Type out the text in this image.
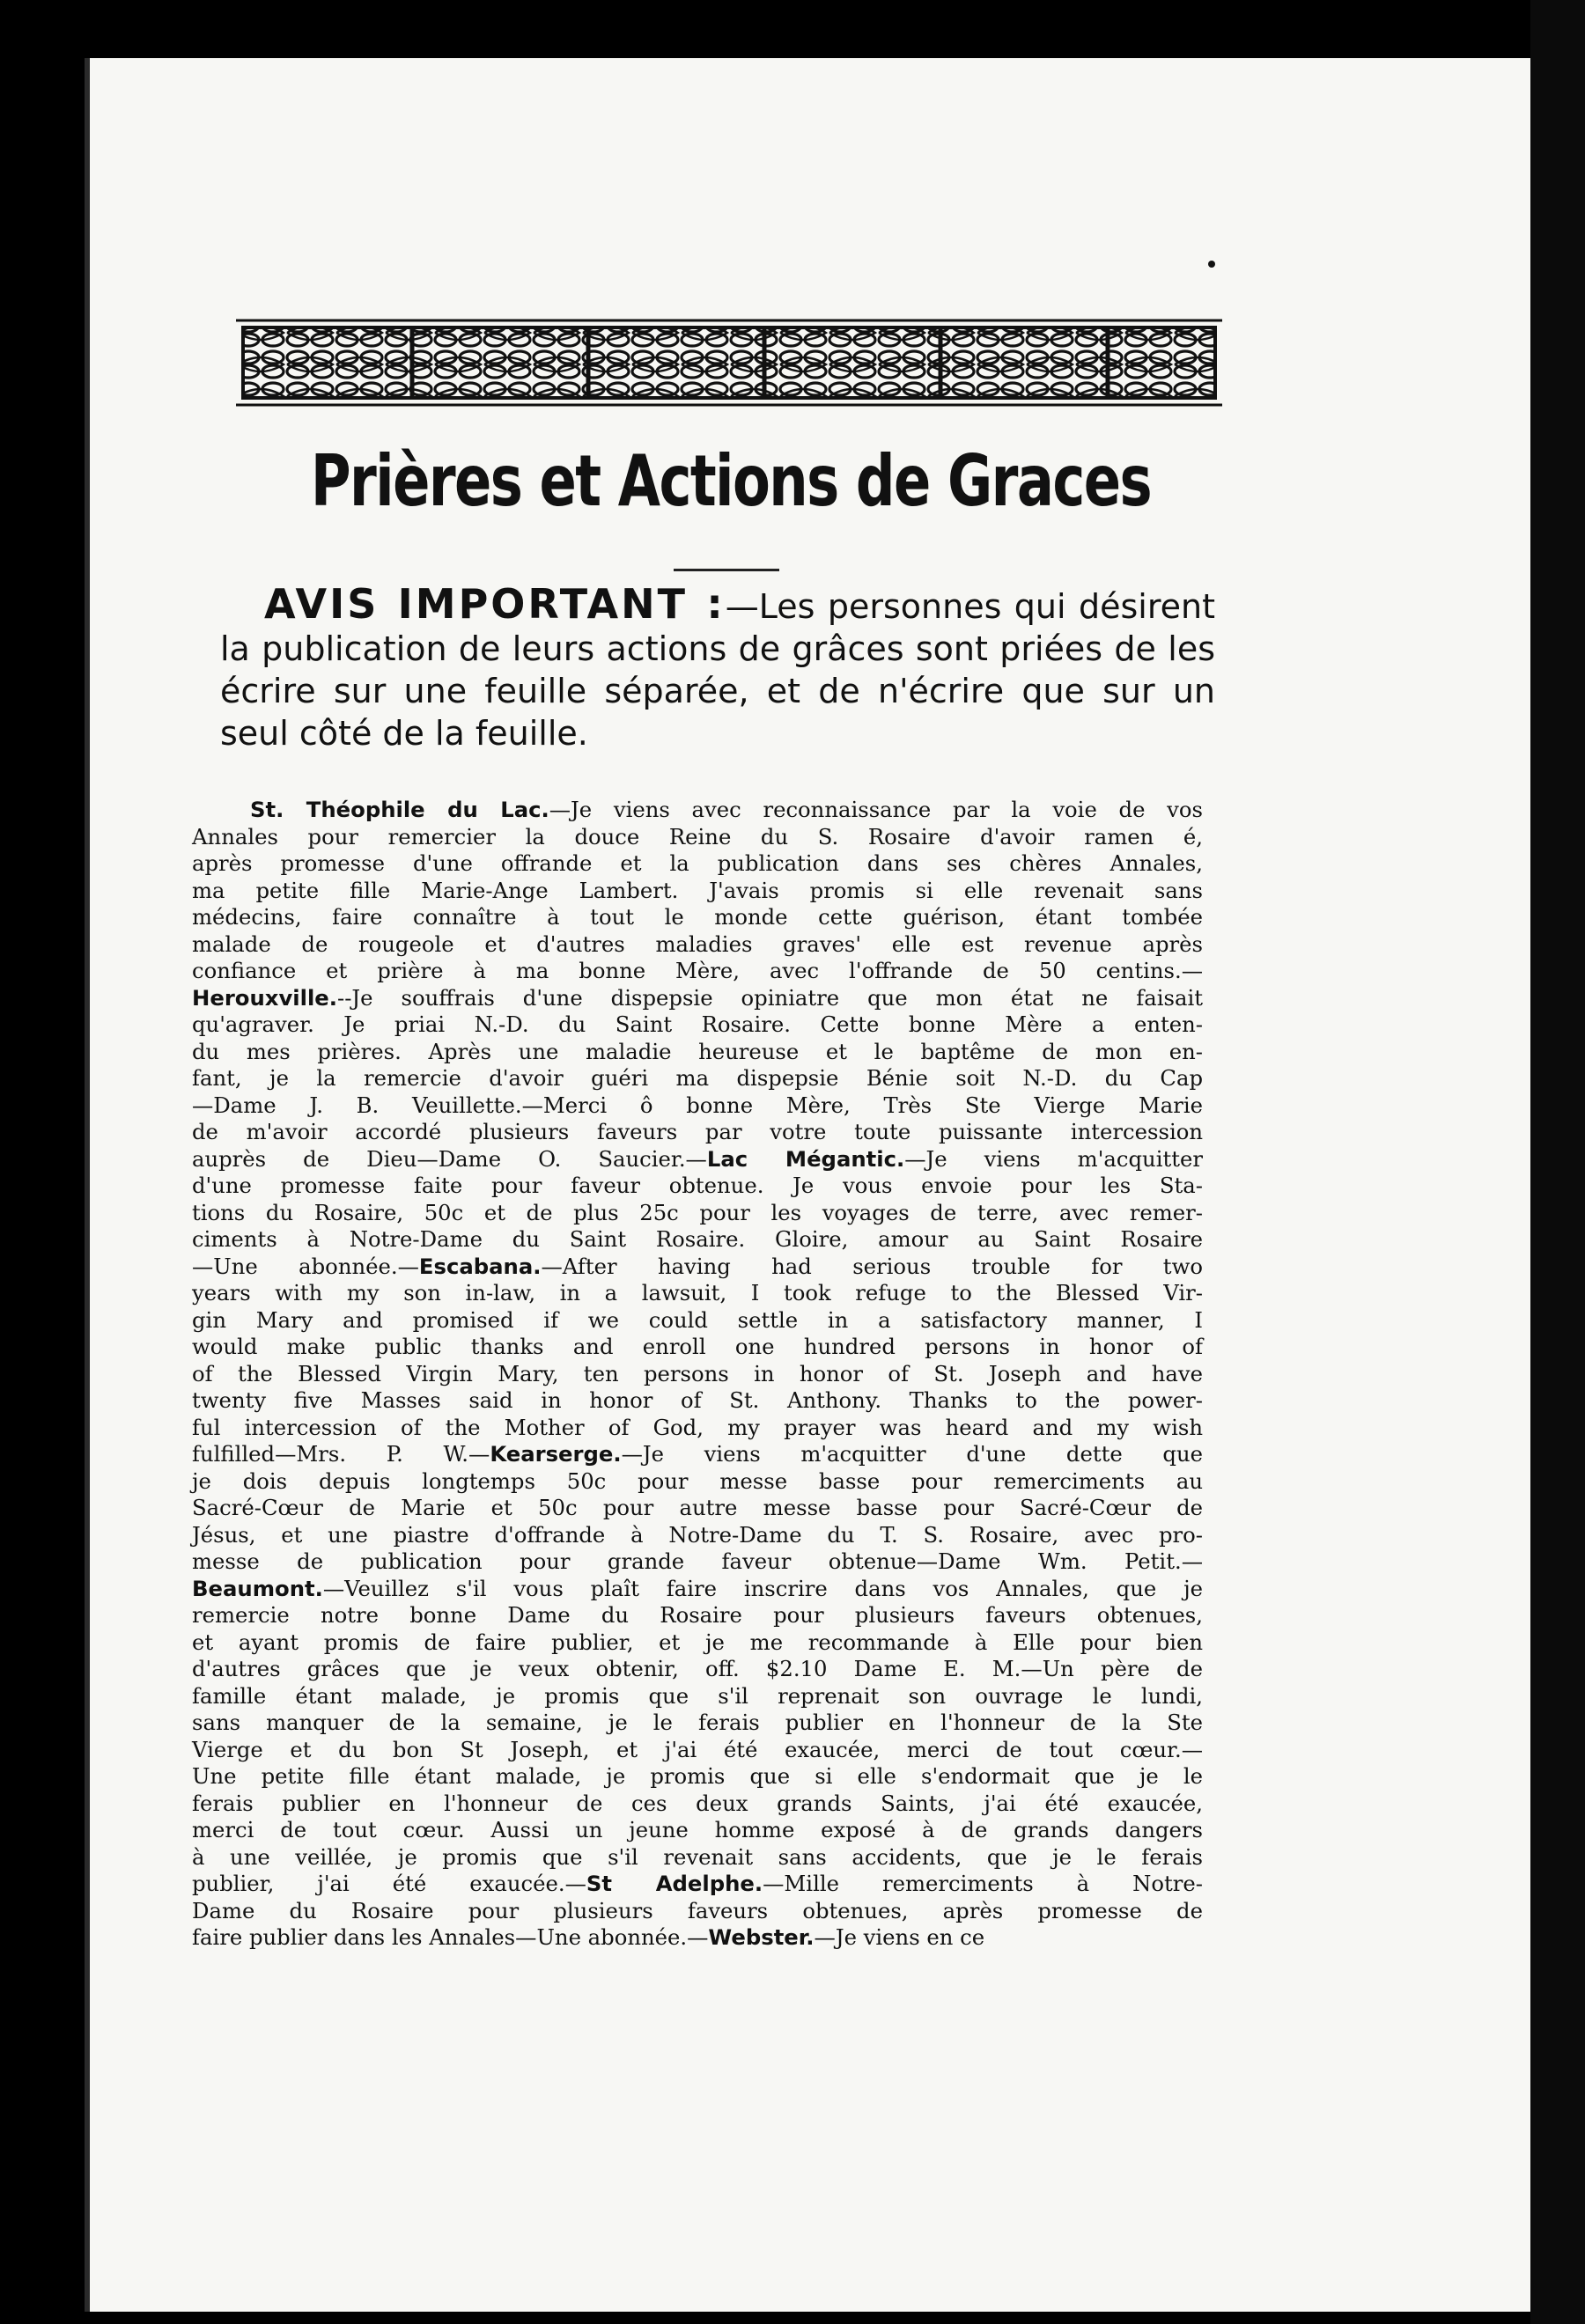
Prières et Actions de Graces
AVIS IMPORTANT :—Les personnes qui désirent la publication de leurs actions de grâces sont priées de les écrire sur une feuille séparée, et de n'écrire que sur un seul côté de la feuille.
St. Théophile du Lac.—Je viens avec reconnaissance par la voie de vos
Annales pour remercier la douce Reine du S. Rosaire d'avoir ramen é,
après promesse d'une offrande et la publication dans ses chères Annales,
ma petite fille Marie-Ange Lambert. J'avais promis si elle revenait sans
médecins, faire connaître à tout le monde cette guérison, étant tombée
malade de rougeole et d'autres maladies graves' elle est revenue après
confiance et prière à ma bonne Mère, avec l'offrande de 50 centins.—
Herouxville.--Je souffrais d'une dispepsie opiniatre que mon état ne faisait
qu'agraver. Je priai N.-D. du Saint Rosaire. Cette bonne Mère a enten-
du mes prières. Après une maladie heureuse et le baptême de mon en-
fant, je la remercie d'avoir guéri ma dispepsie Bénie soit N.-D. du Cap
—Dame J. B. Veuillette.—Merci ô bonne Mère, Très Ste Vierge Marie
de m'avoir accordé plusieurs faveurs par votre toute puissante intercession
auprès de Dieu—Dame O. Saucier.—Lac Mégantic.—Je viens m'acquitter
d'une promesse faite pour faveur obtenue. Je vous envoie pour les Sta-
tions du Rosaire, 50c et de plus 25c pour les voyages de terre, avec remer-
ciments à Notre-Dame du Saint Rosaire. Gloire, amour au Saint Rosaire
—Une abonnée.—Escabana.—After having had serious trouble for two
years with my son in-law, in a lawsuit, I took refuge to the Blessed Vir-
gin Mary and promised if we could settle in a satisfactory manner, I
would make public thanks and enroll one hundred persons in honor of
of the Blessed Virgin Mary, ten persons in honor of St. Joseph and have
twenty five Masses said in honor of St. Anthony. Thanks to the power-
ful intercession of the Mother of God, my prayer was heard and my wish
fulfilled—Mrs. P. W.—Kearserge.—Je viens m'acquitter d'une dette que
je dois depuis longtemps 50c pour messe basse pour remerciments au
Sacré-Cœur de Marie et 50c pour autre messe basse pour Sacré-Cœur de
Jésus, et une piastre d'offrande à Notre-Dame du T. S. Rosaire, avec pro-
messe de publication pour grande faveur obtenue—Dame Wm. Petit.—
Beaumont.—Veuillez s'il vous plaît faire inscrire dans vos Annales, que je
remercie notre bonne Dame du Rosaire pour plusieurs faveurs obtenues,
et ayant promis de faire publier, et je me recommande à Elle pour bien
d'autres grâces que je veux obtenir, off. $2.10 Dame E. M.—Un père de
famille étant malade, je promis que s'il reprenait son ouvrage le lundi,
sans manquer de la semaine, je le ferais publier en l'honneur de la Ste
Vierge et du bon St Joseph, et j'ai été exaucée, merci de tout cœur.—
Une petite fille étant malade, je promis que si elle s'endormait que je le
ferais publier en l'honneur de ces deux grands Saints, j'ai été exaucée,
merci de tout cœur. Aussi un jeune homme exposé à de grands dangers
à une veillée, je promis que s'il revenait sans accidents, que je le ferais
publier, j'ai été exaucée.—St Adelphe.—Mille remerciments à Notre-
Dame du Rosaire pour plusieurs faveurs obtenues, après promesse de
faire publier dans les Annales—Une abonnée.—Webster.—Je viens en ce
